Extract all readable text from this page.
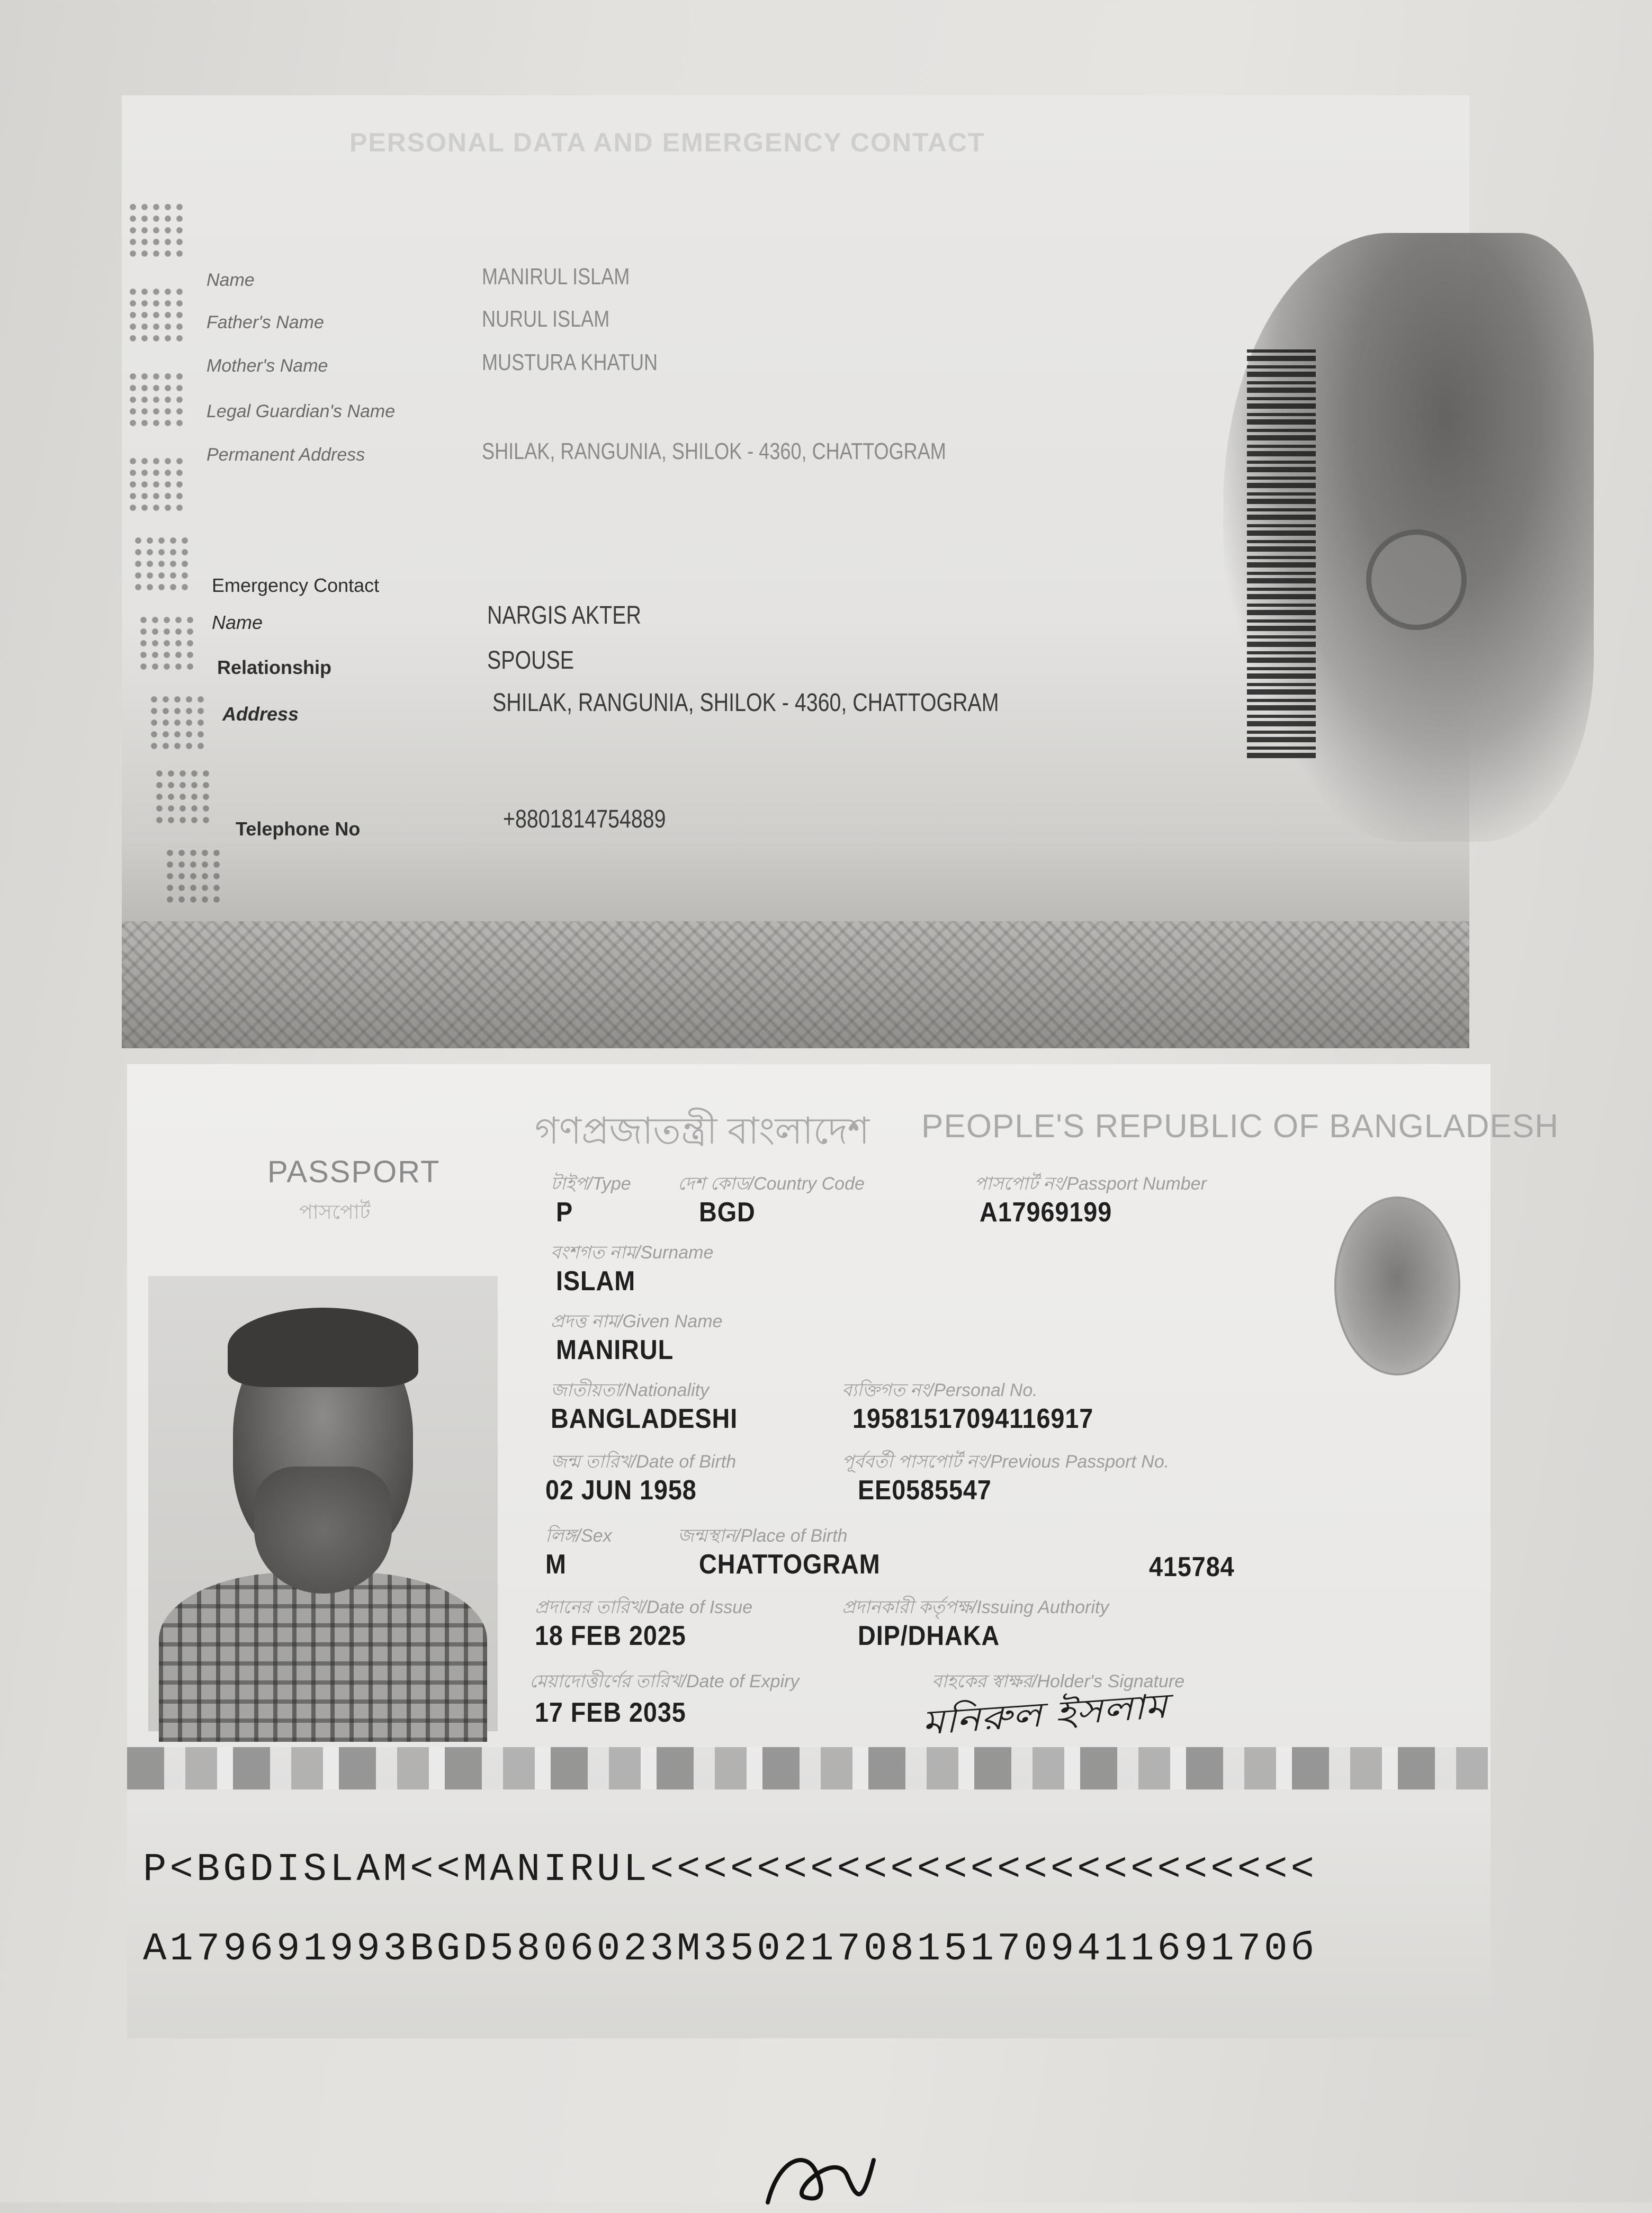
PERSONAL DATA AND EMERGENCY CONTACT
Name	MANIRUL ISLAM
Father's Name	NURUL ISLAM
Mother's Name	MUSTURA KHATUN
Legal Guardian's Name
Permanent Address	SHILAK, RANGUNIA, SHILOK - 4360, CHATTOGRAM
Emergency Contact
Name	NARGIS AKTER
Relationship	SPOUSE
Address	SHILAK, RANGUNIA, SHILOK - 4360, CHATTOGRAM
Telephone No	+8801814754889
গণপ্রজাতন্ত্রী বাংলাদেশ PEOPLE'S REPUBLIC OF BANGLADESH
PASSPORT
পাসপোর্ট
টাইপ/Type	দেশ কোড/Country Code	পাসপোর্ট নং/Passport Number
P	BGD	A17969199
বংশগত নাম/Surname
ISLAM
প্রদত্ত নাম/Given Name
MANIRUL
জাতীয়তা/Nationality	ব্যক্তিগত নং/Personal No.
BANGLADESHI	19581517094116917
জন্ম তারিখ/Date of Birth	পূর্ববর্তী পাসপোর্ট নং/Previous Passport No.
02 JUN 1958	EE0585547
লিঙ্গ/Sex	জন্মস্থান/Place of Birth
M	CHATTOGRAM	415784
প্রদানের তারিখ/Date of Issue	প্রদানকারী কর্তৃপক্ষ/Issuing Authority
18 FEB 2025	DIP/DHAKA
মেয়াদোত্তীর্ণের তারিখ/Date of Expiry	বাহকের স্বাক্ষর/Holder's Signature
17 FEB 2035	মনিরুল ইসলাম
P<BGDISLAM<<MANIRUL<<<<<<<<<<<<<<<<<<<<<<<<<
A179691993BGD5806023M3502170815170941169170б
